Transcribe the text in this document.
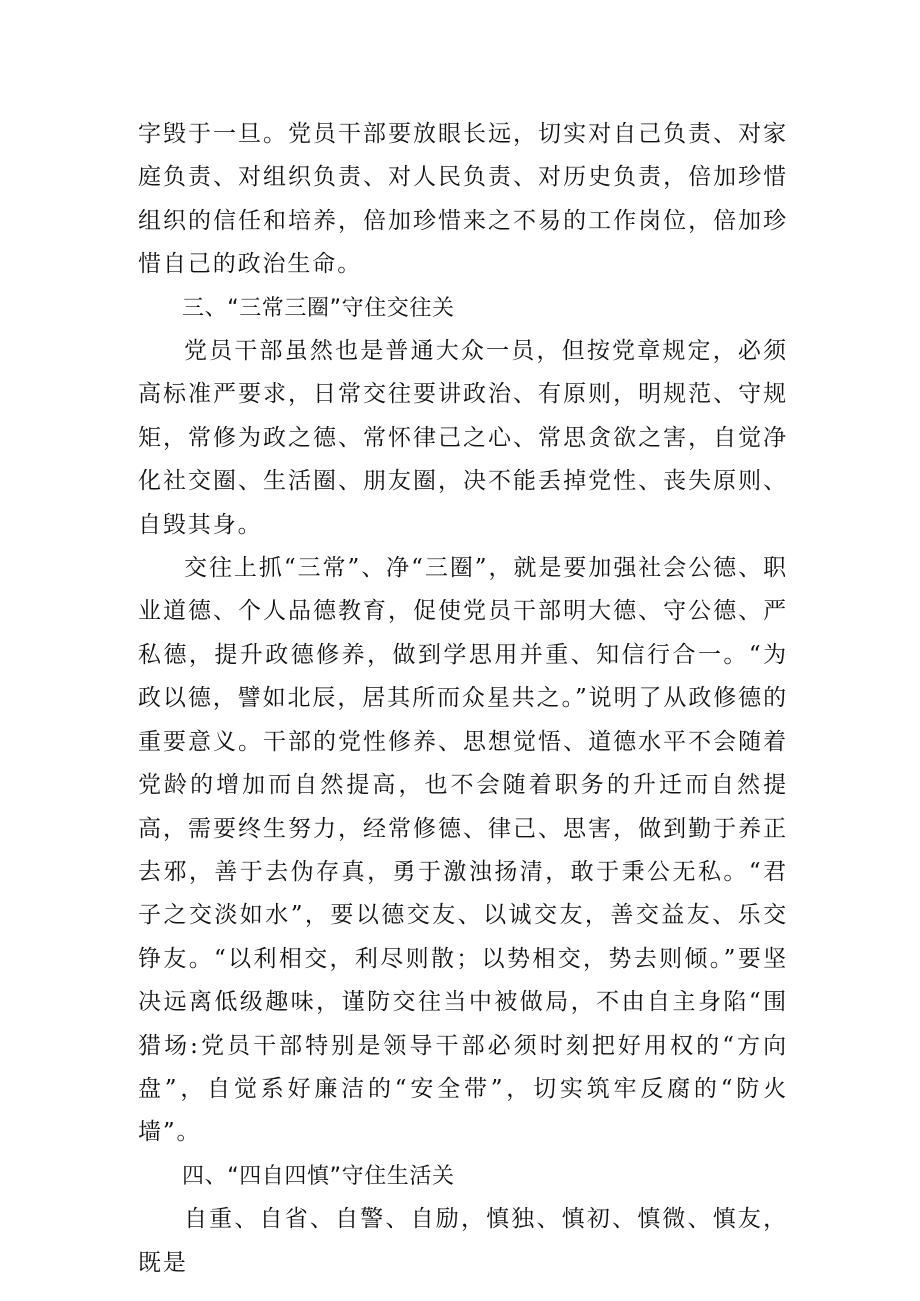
字毁于一旦。党员干部要放眼长远，切实对自己负责、对家庭负责、对组织负责、对人民负责、对历史负责，倍加珍惜组织的信任和培养，倍加珍惜来之不易的工作岗位，倍加珍惜自己的政治生命。

三、“三常三圈”守住交往关

党员干部虽然也是普通大众一员，但按党章规定，必须高标准严要求，日常交往要讲政治、有原则，明规范、守规矩，常修为政之德、常怀律己之心、常思贪欲之害，自觉净化社交圈、生活圈、朋友圈，决不能丢掉党性、丧失原则、自毁其身。

交往上抓“三常”、净“三圈”，就是要加强社会公德、职业道德、个人品德教育，促使党员干部明大德、守公德、严私德，提升政德修养，做到学思用并重、知信行合一。“为政以德，譬如北辰，居其所而众星共之。”说明了从政修德的重要意义。干部的党性修养、思想觉悟、道德水平不会随着党龄的增加而自然提高，也不会随着职务的升迁而自然提高，需要终生努力，经常修德、律己、思害，做到勤于养正去邪，善于去伪存真，勇于激浊扬清，敢于秉公无私。“君子之交淡如水”，要以德交友、以诚交友，善交益友、乐交铮友。“以利相交，利尽则散；以势相交，势去则倾。”要坚决远离低级趣味，谨防交往当中被做局，不由自主身陷“围猎场:党员干部特别是领导干部必须时刻把好用权的“方向盘”，自觉系好廉洁的“安全带”，切实筑牢反腐的“防火墙”。

四、“四自四慎”守住生活关

自重、自省、自警、自励，慎独、慎初、慎微、慎友，既是
